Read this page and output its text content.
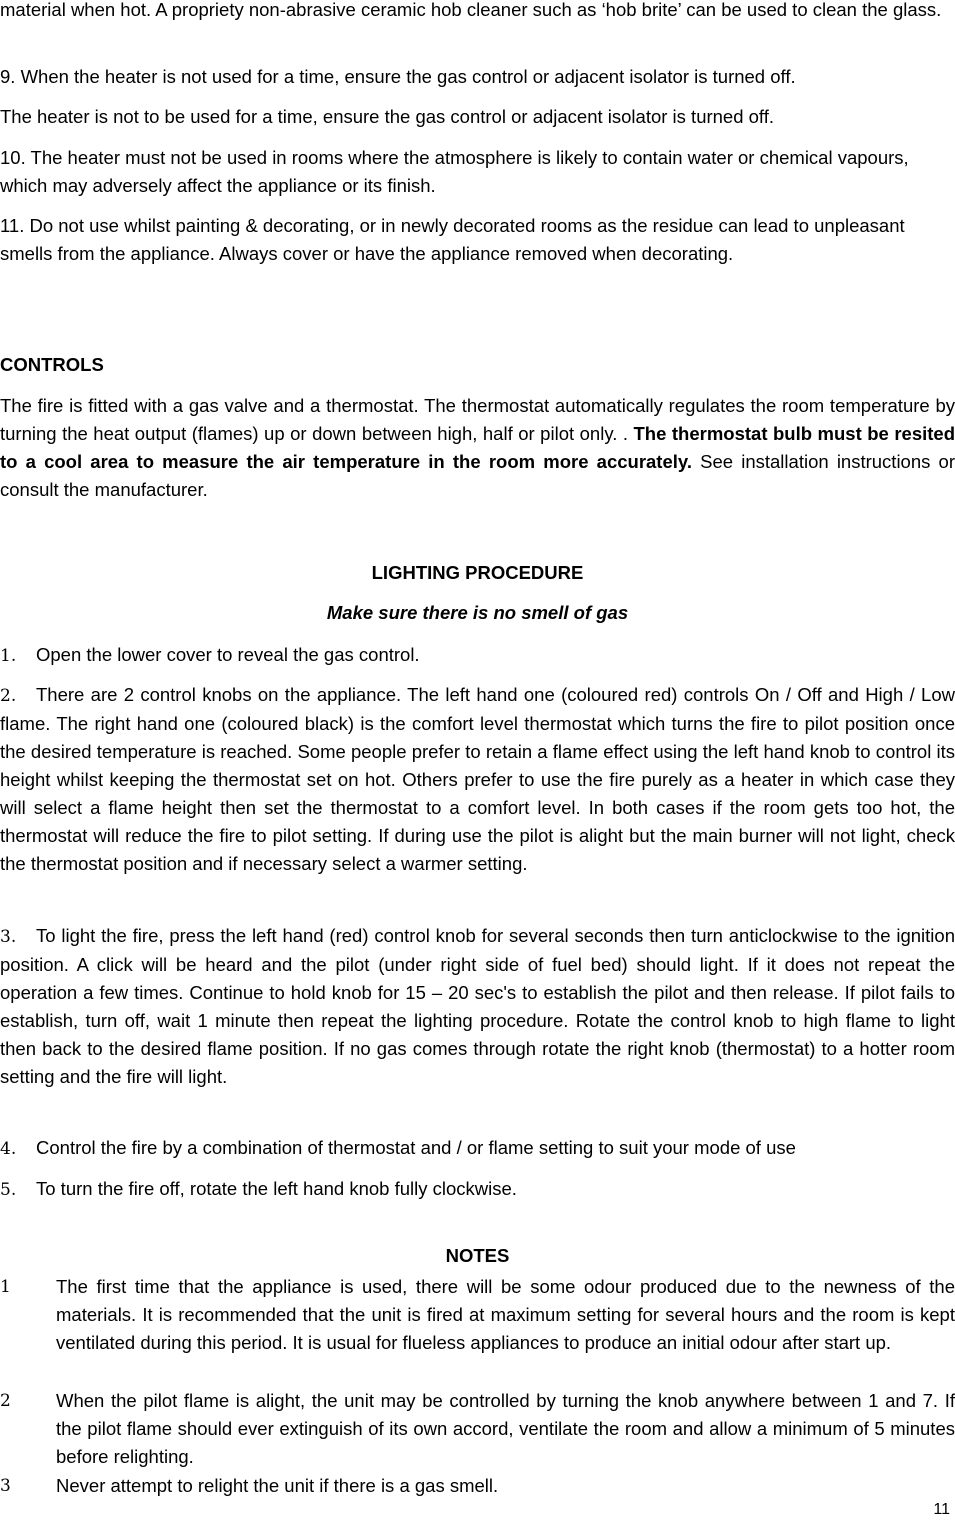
material when hot. A propriety non-abrasive ceramic hob cleaner such as ‘hob brite’ can be used to clean the glass.

9. When the heater is not used for a time, ensure the gas control or adjacent isolator is turned off.

The heater is not to be used for a time, ensure the gas control or adjacent isolator is turned off.

10. The heater must not be used in rooms where the atmosphere is likely to contain water or chemical vapours, which may adversely affect the appliance or its finish.

11. Do not use whilst painting & decorating, or in newly decorated rooms as the residue can lead to unpleasant smells from the appliance. Always cover or have the appliance removed when decorating.

CONTROLS

The fire is fitted with a gas valve and a thermostat. The thermostat automatically regulates the room temperature by turning the heat output (flames) up or down between high, half or pilot only. . The thermostat bulb must be resited to a cool area to measure the air temperature in the room more accurately. See installation instructions or consult the manufacturer.

LIGHTING PROCEDURE

Make sure there is no smell of gas

1. Open the lower cover to reveal the gas control.

2. There are 2 control knobs on the appliance. The left hand one (coloured red) controls On / Off and High / Low flame. The right hand one (coloured black) is the comfort level thermostat which turns the fire to pilot position once the desired temperature is reached. Some people prefer to retain a flame effect using the left hand knob to control its height whilst keeping the thermostat set on hot. Others prefer to use the fire purely as a heater in which case they will select a flame height then set the thermostat to a comfort level. In both cases if the room gets too hot, the thermostat will reduce the fire to pilot setting. If during use the pilot is alight but the main burner will not light, check the thermostat position and if necessary select a warmer setting.

3. To light the fire, press the left hand (red) control knob for several seconds then turn anticlockwise to the ignition position. A click will be heard and the pilot (under right side of fuel bed) should light. If it does not repeat the operation a few times. Continue to hold knob for 15 – 20 sec's to establish the pilot and then release. If pilot fails to establish, turn off, wait 1 minute then repeat the lighting procedure. Rotate the control knob to high flame to light then back to the desired flame position. If no gas comes through rotate the right knob (thermostat) to a hotter room setting and the fire will light.

4. Control the fire by a combination of thermostat and / or flame setting to suit your mode of use

5. To turn the fire off, rotate the left hand knob fully clockwise.

NOTES

1	The first time that the appliance is used, there will be some odour produced due to the newness of the materials. It is recommended that the unit is fired at maximum setting for several hours and the room is kept ventilated during this period. It is usual for flueless appliances to produce an initial odour after start up.
2	When the pilot flame is alight, the unit may be controlled by turning the knob anywhere between 1 and 7. If the pilot flame should ever extinguish of its own accord, ventilate the room and allow a minimum of 5 minutes before relighting.
3	Never attempt to relight the unit if there is a gas smell.
11
